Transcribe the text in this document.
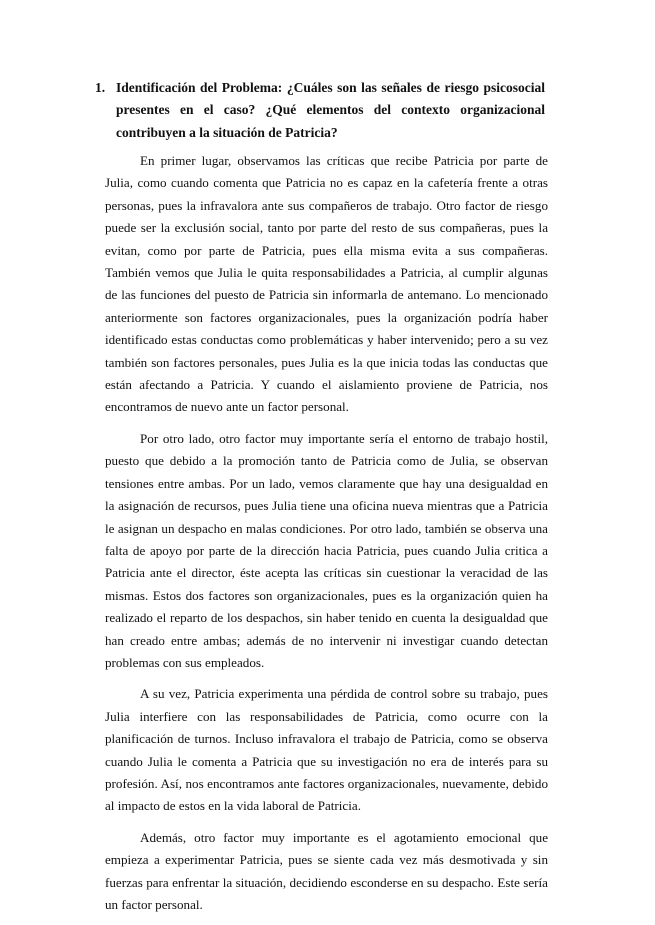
1. Identificación del Problema: ¿Cuáles son las señales de riesgo psicosocial presentes en el caso? ¿Qué elementos del contexto organizacional contribuyen a la situación de Patricia?

En primer lugar, observamos las críticas que recibe Patricia por parte de Julia, como cuando comenta que Patricia no es capaz en la cafetería frente a otras personas, pues la infravalora ante sus compañeros de trabajo. Otro factor de riesgo puede ser la exclusión social, tanto por parte del resto de sus compañeras, pues la evitan, como por parte de Patricia, pues ella misma evita a sus compañeras. También vemos que Julia le quita responsabilidades a Patricia, al cumplir algunas de las funciones del puesto de Patricia sin informarla de antemano. Lo mencionado anteriormente son factores organizacionales, pues la organización podría haber identificado estas conductas como problemáticas y haber intervenido; pero a su vez también son factores personales, pues Julia es la que inicia todas las conductas que están afectando a Patricia. Y cuando el aislamiento proviene de Patricia, nos encontramos de nuevo ante un factor personal.

Por otro lado, otro factor muy importante sería el entorno de trabajo hostil, puesto que debido a la promoción tanto de Patricia como de Julia, se observan tensiones entre ambas. Por un lado, vemos claramente que hay una desigualdad en la asignación de recursos, pues Julia tiene una oficina nueva mientras que a Patricia le asignan un despacho en malas condiciones. Por otro lado, también se observa una falta de apoyo por parte de la dirección hacia Patricia, pues cuando Julia critica a Patricia ante el director, éste acepta las críticas sin cuestionar la veracidad de las mismas. Estos dos factores son organizacionales, pues es la organización quien ha realizado el reparto de los despachos, sin haber tenido en cuenta la desigualdad que han creado entre ambas; además de no intervenir ni investigar cuando detectan problemas con sus empleados.

A su vez, Patricia experimenta una pérdida de control sobre su trabajo, pues Julia interfiere con las responsabilidades de Patricia, como ocurre con la planificación de turnos. Incluso infravalora el trabajo de Patricia, como se observa cuando Julia le comenta a Patricia que su investigación no era de interés para su profesión. Así, nos encontramos ante factores organizacionales, nuevamente, debido al impacto de estos en la vida laboral de Patricia.

Además, otro factor muy importante es el agotamiento emocional que empieza a experimentar Patricia, pues se siente cada vez más desmotivada y sin fuerzas para enfrentar la situación, decidiendo esconderse en su despacho. Este sería un factor personal.
